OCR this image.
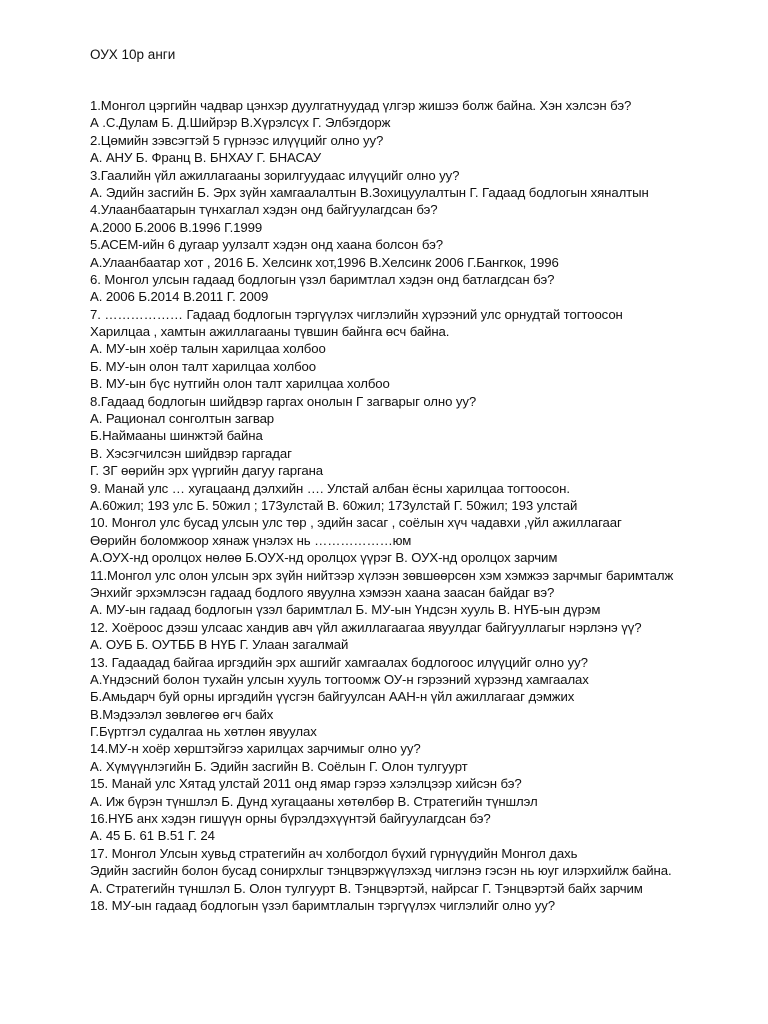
ОУХ 10р анги
1.Монгол цэргийн чадвар цэнхэр дуулгатнуудад үлгэр жишээ болж байна. Хэн хэлсэн бэ?
А .С.Дулам Б. Д.Шийрэр В.Хүрэлсүх Г. Элбэгдорж
2.Цөмийн зэвсэгтэй 5 гүрнээс илүүцийг олно уу?
А. АНУ Б. Франц В. БНХАУ Г. БНАСАУ
3.Гаалийн үйл ажиллагааны зорилгуудаас илүүцийг олно уу?
А. Эдийн засгийн Б. Эрх зүйн хамгаалалтын В.Зохицуулалтын Г. Гадаад бодлогын хяналтын
4.Улаанбаатарын түнхаглал хэдэн онд байгуулагдсан бэ?
А.2000 Б.2006 В.1996 Г.1999
5.АСЕМ-ийн 6 дугаар уулзалт хэдэн онд хаана болсон бэ?
А.Улаанбаатар хот , 2016 Б. Хелсинк хот,1996 В.Хелсинк 2006 Г.Бангкок, 1996
6. Монгол улсын гадаад бодлогын үзэл баримтлал хэдэн онд батлагдсан бэ?
А. 2006 Б.2014 В.2011 Г. 2009
7. ……………… Гадаад бодлогын тэргүүлэх чиглэлийн хүрээний улс орнудтай тогтоосон
Харилцаа , хамтын ажиллагааны түвшин байнга өсч байна.
А. МУ-ын хоёр талын харилцаа холбоо
Б. МУ-ын олон талт харилцаа холбоо
В. МУ-ын бүс нутгийн олон талт харилцаа холбоо
8.Гадаад бодлогын шийдвэр гаргах онолын Г загварыг олно уу?
А. Рационал сонголтын загвар
Б.Наймааны шинжтэй байна
В. Хэсэгчилсэн шийдвэр гаргадаг
Г. ЗГ өөрийн эрх үүргийн дагуу гаргана
9. Манай улс … хугацаанд дэлхийн …. Улстай албан ёсны харилцаа тогтоосон.
А.60жил; 193 улс Б. 50жил ; 173улстай В. 60жил; 173улстай Г. 50жил; 193 улстай
10. Монгол улс бусад улсын улс төр , эдийн засаг , соёлын хүч чадавхи ,үйл ажиллагааг
Өөрийн боломжоор хянаж үнэлэх нь ………………юм
А.ОУХ-нд оролцох нөлөө Б.ОУХ-нд оролцох үүрэг В. ОУХ-нд оролцох зарчим
11.Монгол улс олон улсын эрх зүйн нийтээр хүлээн зөвшөөрсөн хэм хэмжээ зарчмыг баримталж
Энхийг эрхэмлэсэн гадаад бодлого явуулна хэмээн хаана заасан байдаг вэ?
А. МУ-ын гадаад бодлогын үзэл баримтлал Б. МУ-ын Үндсэн хууль В. НҮБ-ын дүрэм
12. Хоёроос дээш улсаас хандив авч үйл ажиллагаагаа явуулдаг байгууллагыг нэрлэнэ үү?
А. ОУБ Б. ОУТББ В НҮБ Г. Улаан загалмай
13. Гадаадад байгаа иргэдийн эрх ашгийг хамгаалах бодлогоос илүүцийг олно уу?
А.Үндэсний болон тухайн улсын хууль тогтоомж ОУ-н гэрээний хүрээнд хамгаалах
Б.Амьдарч буй орны иргэдийн үүсгэн байгуулсан ААН-н үйл ажиллагааг дэмжих
В.Мэдээлэл зөвлөгөө өгч байх
Г.Бүртгэл судалгаа нь хөтлөн явуулах
14.МУ-н хоёр хөрштэйгээ харилцах зарчимыг олно уу?
А. Хүмүүнлэгийн Б. Эдийн засгийн В. Соёлын Г. Олон тулгуурт
15. Манай улс Хятад улстай 2011 онд ямар гэрээ хэлэлцээр хийсэн бэ?
А. Иж бүрэн түншлэл Б. Дунд хугацааны хөтөлбөр В. Стратегийн түншлэл
16.НҮБ анх хэдэн гишүүн орны бүрэлдэхүүнтэй байгуулагдсан бэ?
А. 45 Б. 61 В.51 Г. 24
17. Монгол Улсын хувьд стратегийн ач холбогдол бүхий гүрнүүдийн Монгол дахь
Эдийн засгийн болон бусад сонирхлыг тэнцвэржүүлэхэд чиглэнэ гэсэн нь юуг илэрхийлж байна.
А. Стратегийн түншлэл Б. Олон тулгуурт В. Тэнцвэртэй, найрсаг Г. Тэнцвэртэй байх зарчим
18. МУ-ын гадаад бодлогын үзэл баримтлалын тэргүүлэх чиглэлийг олно уу?
